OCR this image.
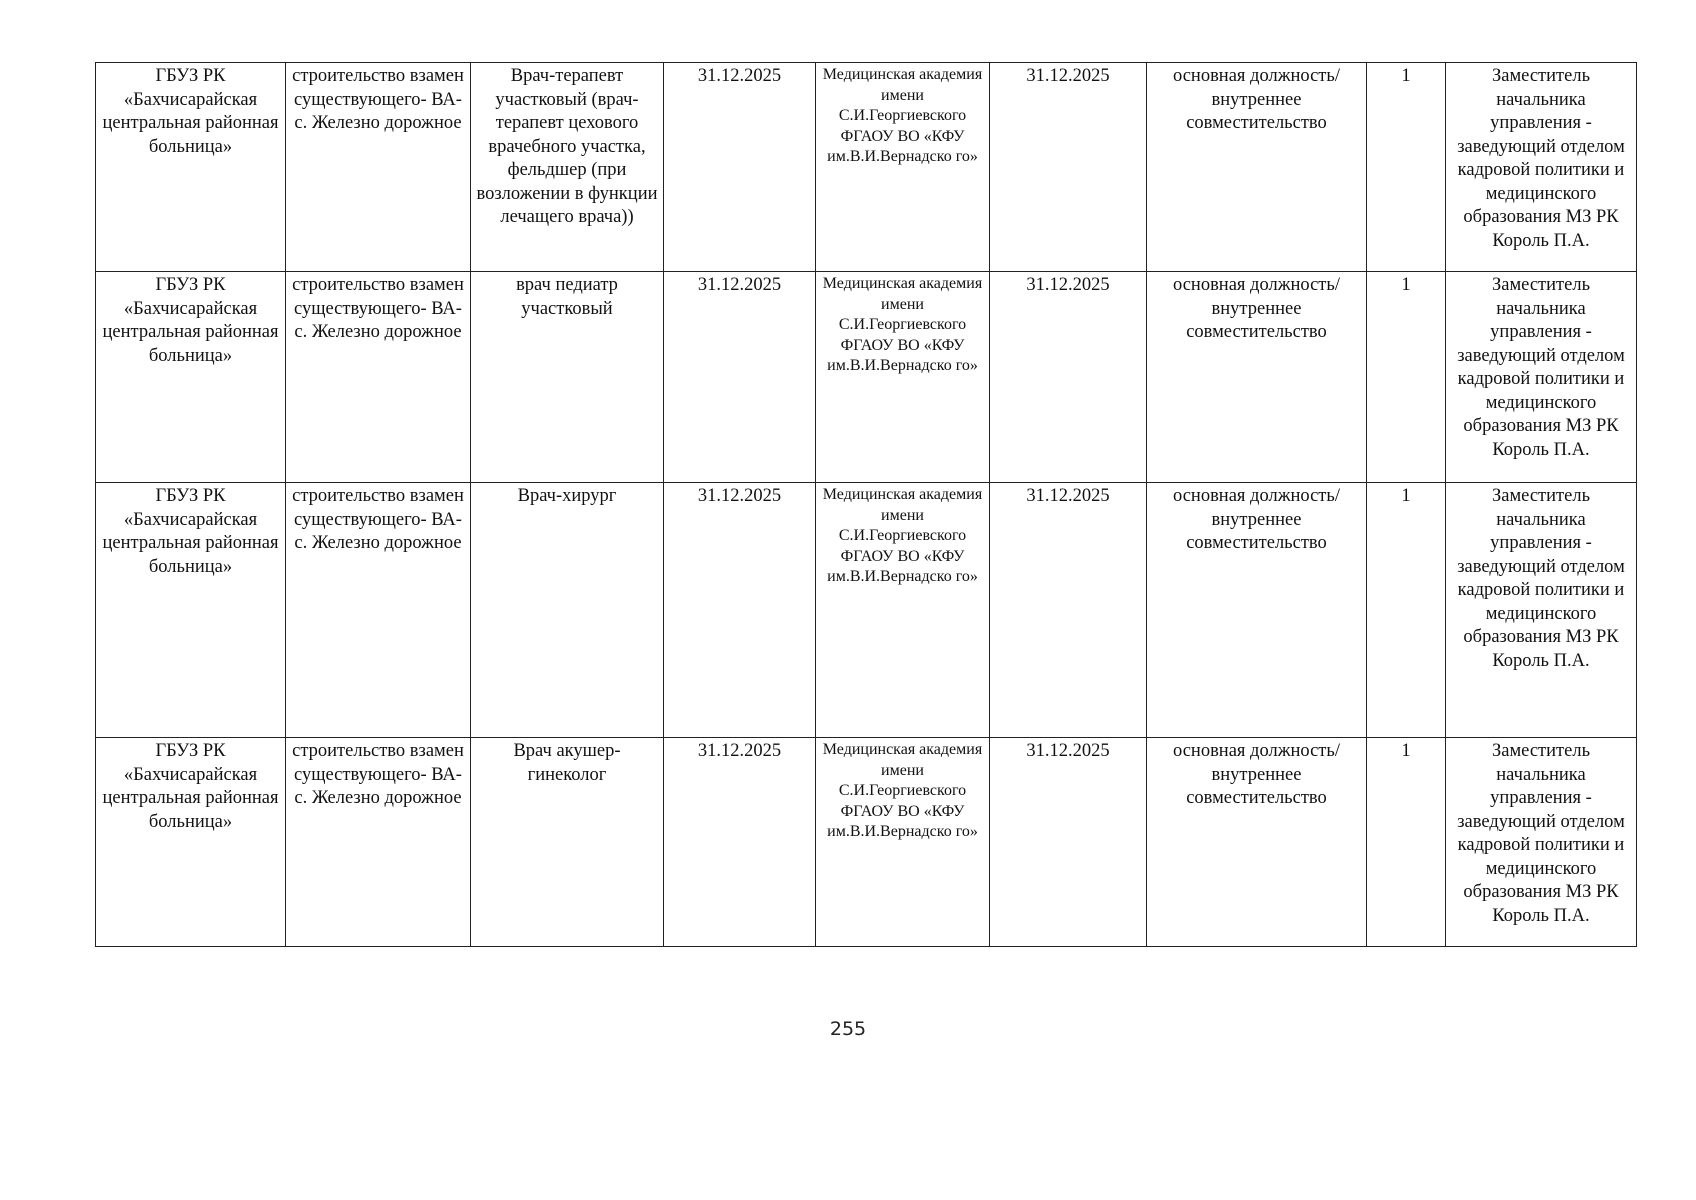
ГБУЗ РК «Бахчисарайская центральная районная больница»	строительство взамен существующего- ВА-с. Железно дорожное	Врач-терапевт участковый (врач-терапевт цехового врачебного участка, фельдшер (при возложении в функции лечащего врача))	31.12.2025	Медицинская академия имени С.И.Георгиевского ФГАОУ ВО «КФУ им.В.И.Вернадско го»	31.12.2025	основная должность/ внутреннее совместительство	1	Заместитель начальника управления - заведующий отделом кадровой политики и медицинского образования МЗ РК Король П.А.
ГБУЗ РК «Бахчисарайская центральная районная больница»	строительство взамен существующего- ВА-с. Железно дорожное	врач педиатр участковый	31.12.2025	Медицинская академия имени С.И.Георгиевского ФГАОУ ВО «КФУ им.В.И.Вернадско го»	31.12.2025	основная должность/ внутреннее совместительство	1	Заместитель начальника управления - заведующий отделом кадровой политики и медицинского образования МЗ РК Король П.А.
ГБУЗ РК «Бахчисарайская центральная районная больница»	строительство взамен существующего- ВА-с. Железно дорожное	Врач-хирург	31.12.2025	Медицинская академия имени С.И.Георгиевского ФГАОУ ВО «КФУ им.В.И.Вернадско го»	31.12.2025	основная должность/ внутреннее совместительство	1	Заместитель начальника управления - заведующий отделом кадровой политики и медицинского образования МЗ РК Король П.А.
ГБУЗ РК «Бахчисарайская центральная районная больница»	строительство взамен существующего- ВА-с. Железно дорожное	Врач акушер- гинеколог	31.12.2025	Медицинская академия имени С.И.Георгиевского ФГАОУ ВО «КФУ им.В.И.Вернадско го»	31.12.2025	основная должность/ внутреннее совместительство	1	Заместитель начальника управления - заведующий отделом кадровой политики и медицинского образования МЗ РК Король П.А.
255
